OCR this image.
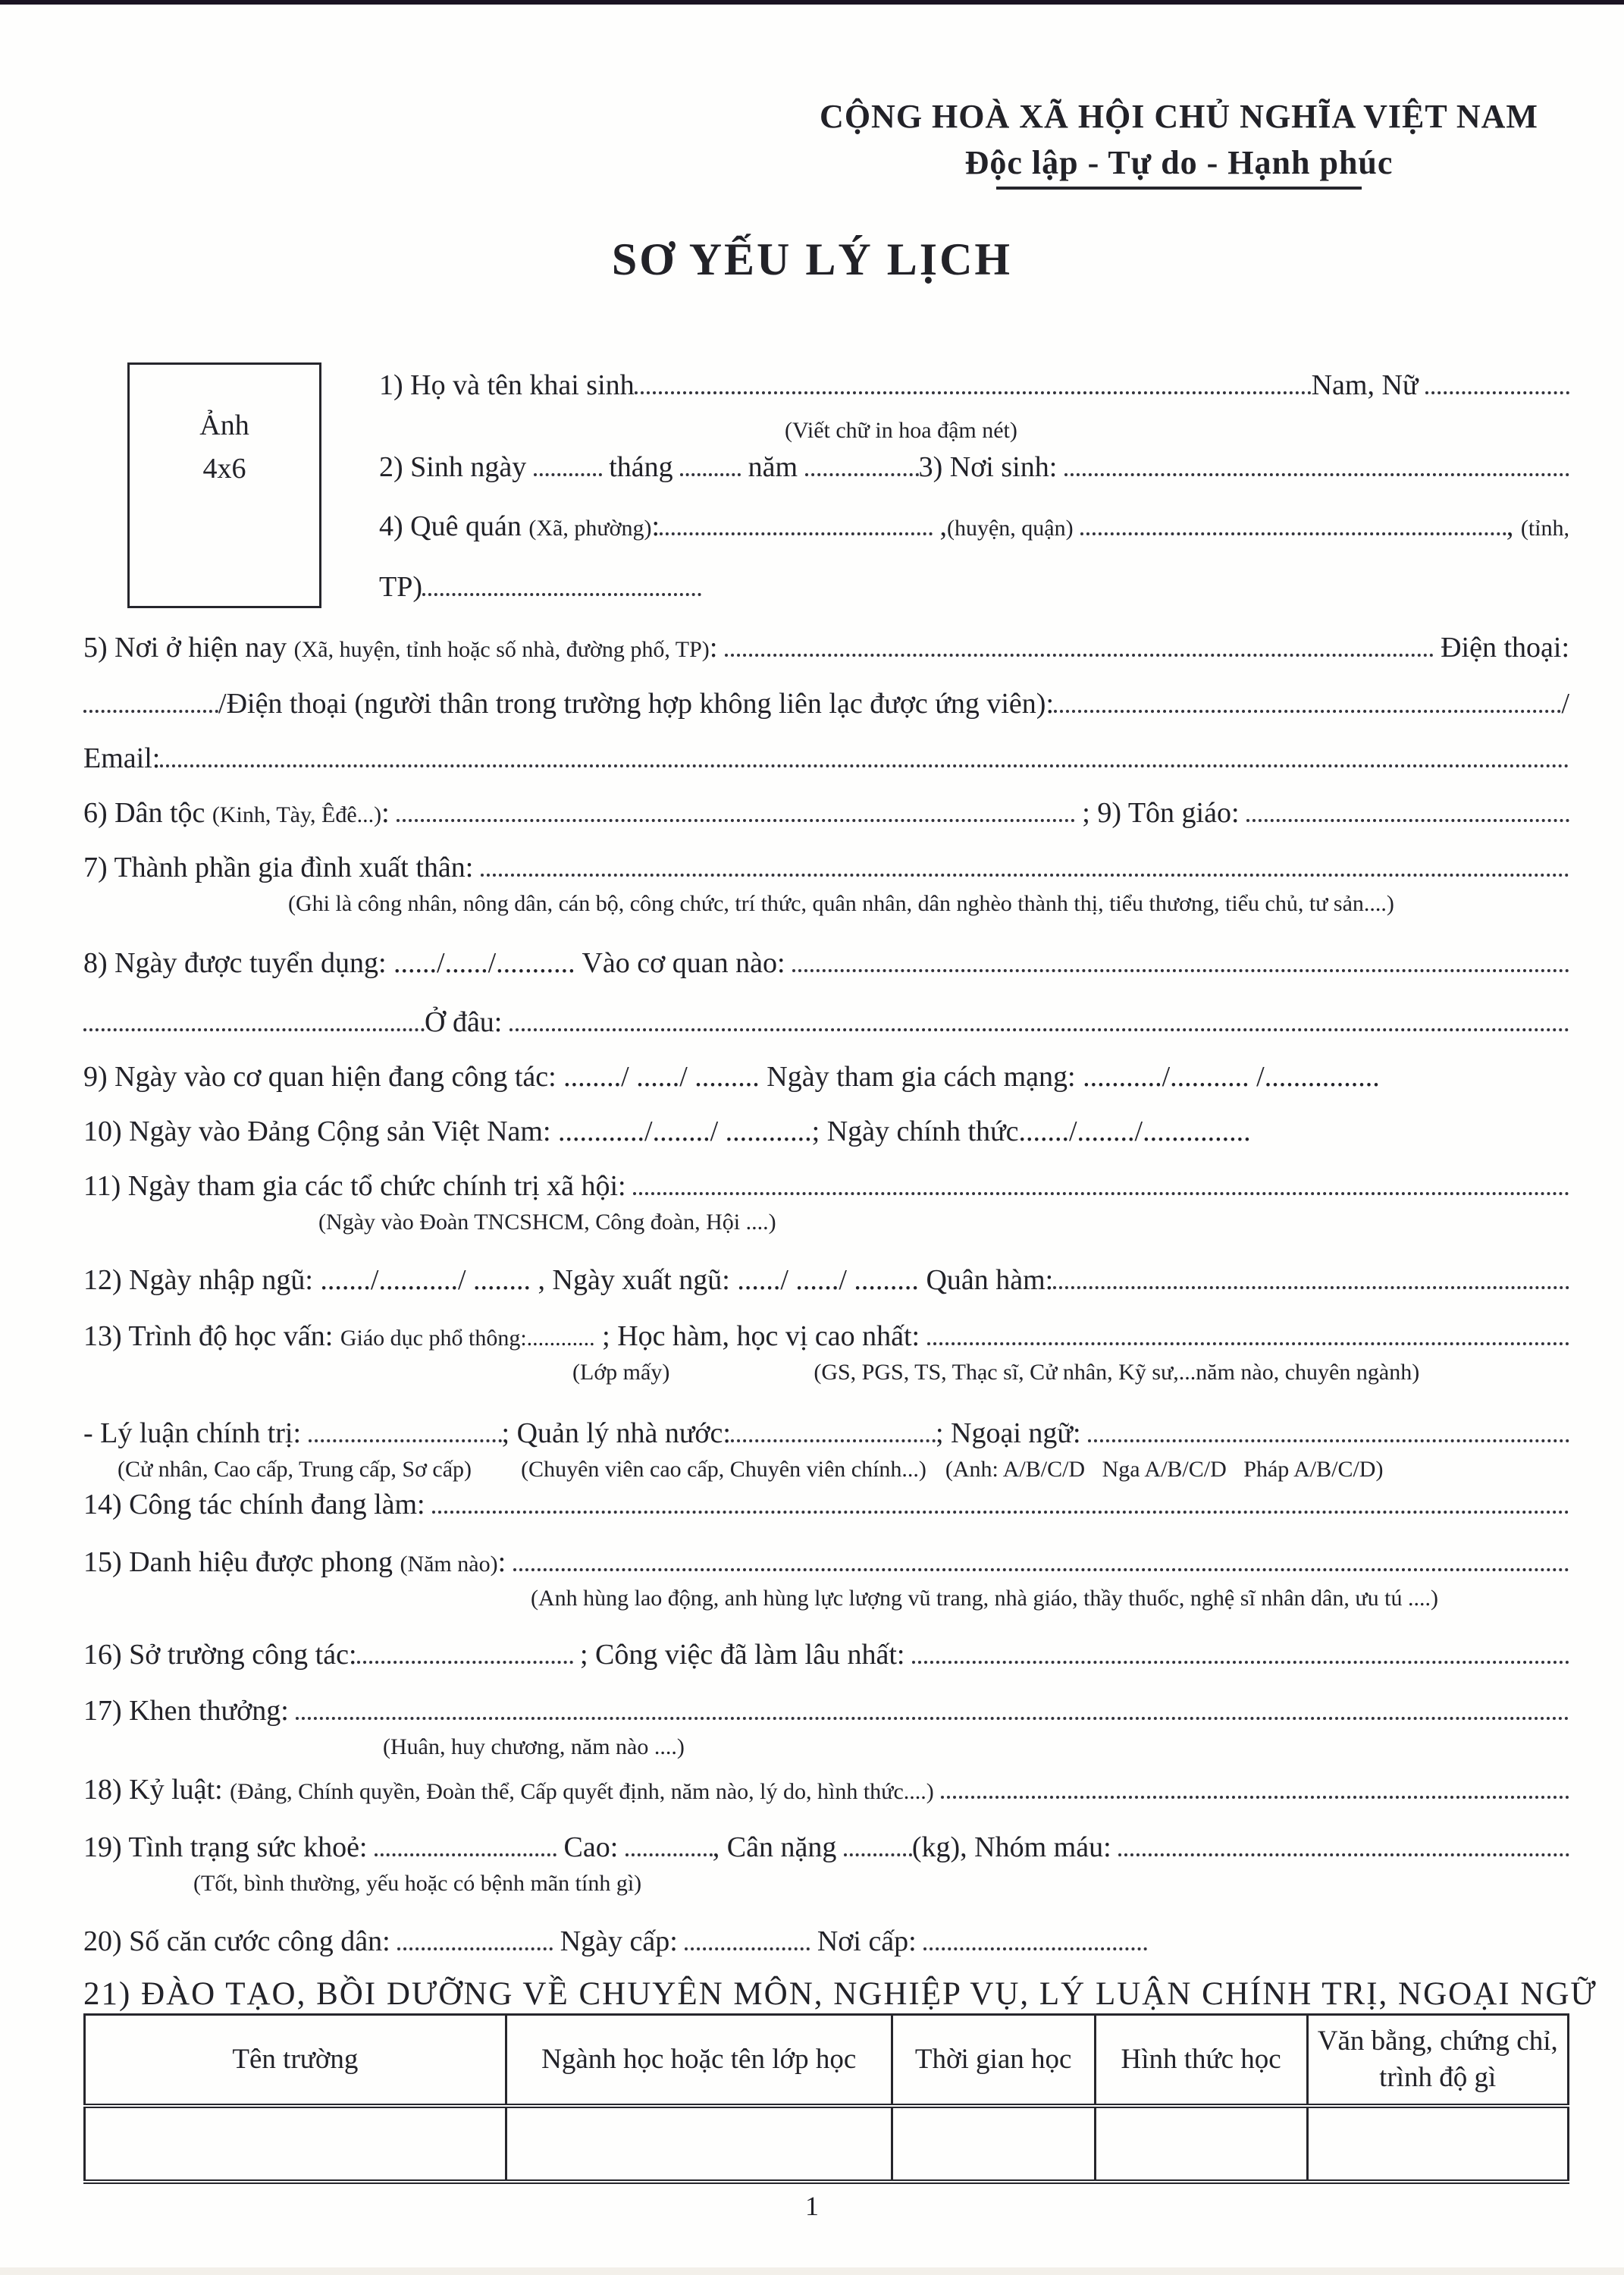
CỘNG HOÀ XÃ HỘI CHỦ NGHĨA VIỆT NAM
Độc lập - Tự do - Hạnh phúc
SƠ YẾU LÝ LỊCH
Ảnh
4x6
1) Họ và tên khai sinh	Nam, Nữ
(Viết chữ in hoa đậm nét)
2) Sinh ngày tháng năm	3) Nơi sinh:
4) Quê quán (Xã, phường) :	, (huyện, quận)
	, (tỉnh,
TP)
5) Nơi ở hiện nay (Xã, huyện, tỉnh hoặc số nhà, đường phố, TP) :	Điện thoại:
/ Điện thoại (người thân trong trường hợp không liên lạc được ứng viên):	/
Email:
6) Dân tộc (Kinh, Tày, Êđê...) :	; 9) Tôn giáo:
7) Thành phần gia đình xuất thân:
(Ghi là công nhân, nông dân, cán bộ, công chức, trí thức, quân nhân, dân nghèo thành thị, tiểu thương, tiểu chủ, tư sản....)
8) Ngày được tuyển dụng: ....../....../........... Vào cơ quan nào:
Ở đâu:
9) Ngày vào cơ quan hiện đang công tác: ......../ ....../ ......... Ngày tham gia cách mạng: .........../........... /................
10) Ngày vào Đảng Cộng sản Việt Nam: ............/......../ ............ ; Ngày chính thức ......./......../...............
11) Ngày tham gia các tổ chức chính trị xã hội:
(Ngày vào Đoàn TNCSHCM, Công đoàn, Hội ....)
12) Ngày nhập ngũ: ......./.........../ ........ , Ngày xuất ngũ: ....../ ....../ ......... Quân hàm:
13) Trình độ học vấn: Giáo dục phổ thông:............ ; Học hàm, học vị cao nhất:
(Lớp mấy)	(GS, PGS, TS, Thạc sĩ, Cử nhân, Kỹ sư,...năm nào, chuyên ngành)
- Lý luận chính trị:	; Quản lý nhà nước:	; Ngoại ngữ:
(Cử nhân, Cao cấp, Trung cấp, Sơ cấp) (Chuyên viên cao cấp, Chuyên viên chính...) (Anh: A/B/C/D   Nga A/B/C/D   Pháp A/B/C/D)
14) Công tác chính đang làm:
15) Danh hiệu được phong (Năm nào) :
(Anh hùng lao động, anh hùng lực lượng vũ trang, nhà giáo, thầy thuốc, nghệ sĩ nhân dân, ưu tú ....)
16) Sở trường công tác:	; Công việc đã làm lâu nhất:
17) Khen thưởng:
(Huân, huy chương, năm nào ....)
18) Kỷ luật: (Đảng, Chính quyền, Đoàn thể, Cấp quyết định, năm nào, lý do, hình thức....)

19) Tình trạng sức khoẻ:	Cao:	, Cân nặng (kg), Nhóm máu:
(Tốt, bình thường, yếu hoặc có bệnh mãn tính gì)
20) Số căn cước công dân:	Ngày cấp:	Nơi cấp:
21) ĐÀO TẠO, BỒI DƯỠNG VỀ CHUYÊN MÔN, NGHIỆP VỤ, LÝ LUẬN CHÍNH TRỊ, NGOẠI NGỮ
Tên trường	Ngành học hoặc tên lớp học	Thời gian học	Hình thức học	Văn bằng, chứng chỉ, trình độ gì

1
